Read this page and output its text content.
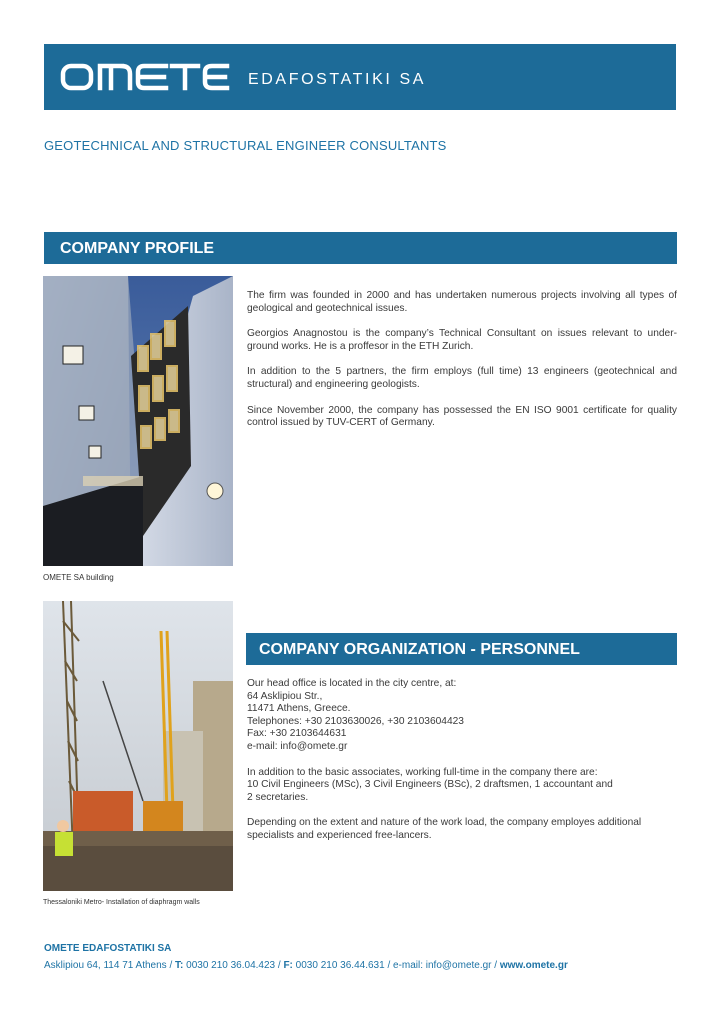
EDAFOSTATIKI SA
GEOTECHNICAL AND STRUCTURAL ENGINEER CONSULTANTS
COMPANY PROFILE
OMETE SA building

The firm was founded in 2000 and has undertaken numerous projects involving all types of geological and geotechnical issues.

Georgios Anagnostou is the company’s Technical Consultant on issues relevant to under-ground works. He is a proffesor in the ETH Zurich.

In addition to the 5 partners, the firm employs (full time) 13 engineers (geotechnical and structural) and engineering geologists.

Since November 2000, the company has possessed the EN ISO 9001 certificate for quality control issued by TUV-CERT of Germany.

Thessaloniki Metro- Installation of diaphragm walls
COMPANY ORGANIZATION - PERSONNEL

Our head office is located in the city centre, at:
64 Asklipiou Str.,
11471 Athens, Greece.
Telephones: +30 2103630026, +30 2103604423
Fax: +30 2103644631
e-mail: info@omete.gr

In addition to the basic associates, working full-time in the company there are:
10 Civil Engineers (MSc), 3 Civil Engineers (BSc), 2 draftsmen, 1 accountant and
2 secretaries.

Depending on the extent and nature of the work load, the company employes additional specialists and experienced free-lancers.

OMETE EDAFOSTATIKI SA
Asklipiou 64, 114 71 Athens / T: 0030 210 36.04.423 / F: 0030 210 36.44.631 / e-mail: info@omete.gr / www.omete.gr
